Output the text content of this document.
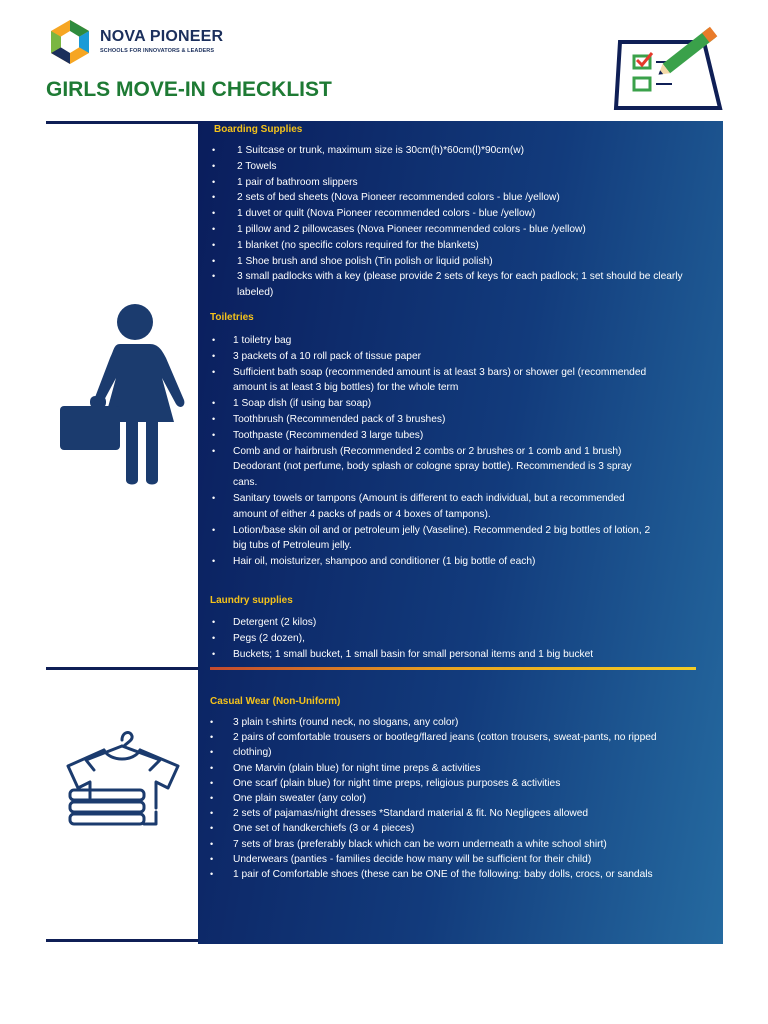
NOVA PIONEER
SCHOOLS FOR INNOVATORS & LEADERS
GIRLS MOVE-IN CHECKLIST
Boarding Supplies
• 1 Suitcase or trunk, maximum size is 30cm(h)*60cm(l)*90cm(w)
• 2 Towels
• 1 pair of bathroom slippers
• 2 sets of bed sheets (Nova Pioneer recommended colors - blue /yellow)
• 1 duvet or quilt (Nova Pioneer recommended colors - blue /yellow)
• 1 pillow and 2 pillowcases (Nova Pioneer recommended colors - blue /yellow)
• 1 blanket (no specific colors required for the blankets)
• 1 Shoe brush and shoe polish (Tin polish or liquid polish)
• 3 small padlocks with a key (please provide 2 sets of keys for each padlock; 1 set should be clearly labeled)
Toiletries
• 1 toiletry bag
• 3 packets of a 10 roll pack of tissue paper
• Sufficient bath soap (recommended amount is at least 3 bars) or shower gel (recommended amount is at least 3 big bottles) for the whole term
• 1 Soap dish (if using bar soap)
• Toothbrush (Recommended pack of 3 brushes)
• Toothpaste (Recommended 3 large tubes)
• Comb and or hairbrush (Recommended 2 combs or 2 brushes or 1 comb and 1 brush) Deodorant (not perfume, body splash or cologne spray bottle). Recommended is 3 spray cans.
• Sanitary towels or tampons (Amount is different to each individual, but a recommended amount of either 4 packs of pads or 4 boxes of tampons).
• Lotion/base skin oil and or petroleum jelly (Vaseline). Recommended 2 big bottles of lotion, 2 big tubs of Petroleum jelly.
• Hair oil, moisturizer, shampoo and conditioner (1 big bottle of each)
Laundry supplies
• Detergent (2 kilos)
• Pegs (2 dozen),
• Buckets; 1 small bucket, 1 small basin for small personal items and 1 big bucket
Casual Wear (Non-Uniform)
• 3 plain t-shirts (round neck, no slogans, any color)
• 2 pairs of comfortable trousers or bootleg/flared jeans (cotton trousers, sweat-pants, no ripped
• clothing)
• One Marvin (plain blue) for night time preps & activities
• One scarf (plain blue) for night time preps, religious purposes & activities
• One plain sweater (any color)
• 2 sets of pajamas/night dresses *Standard material & fit. No Negligees allowed
• One set of handkerchiefs (3 or 4 pieces)
• 7 sets of bras (preferably black which can be worn underneath a white school shirt)
• Underwears (panties - families decide how many will be sufficient for their child)
• 1 pair of Comfortable shoes (these can be ONE of the following: baby dolls, crocs, or sandals
